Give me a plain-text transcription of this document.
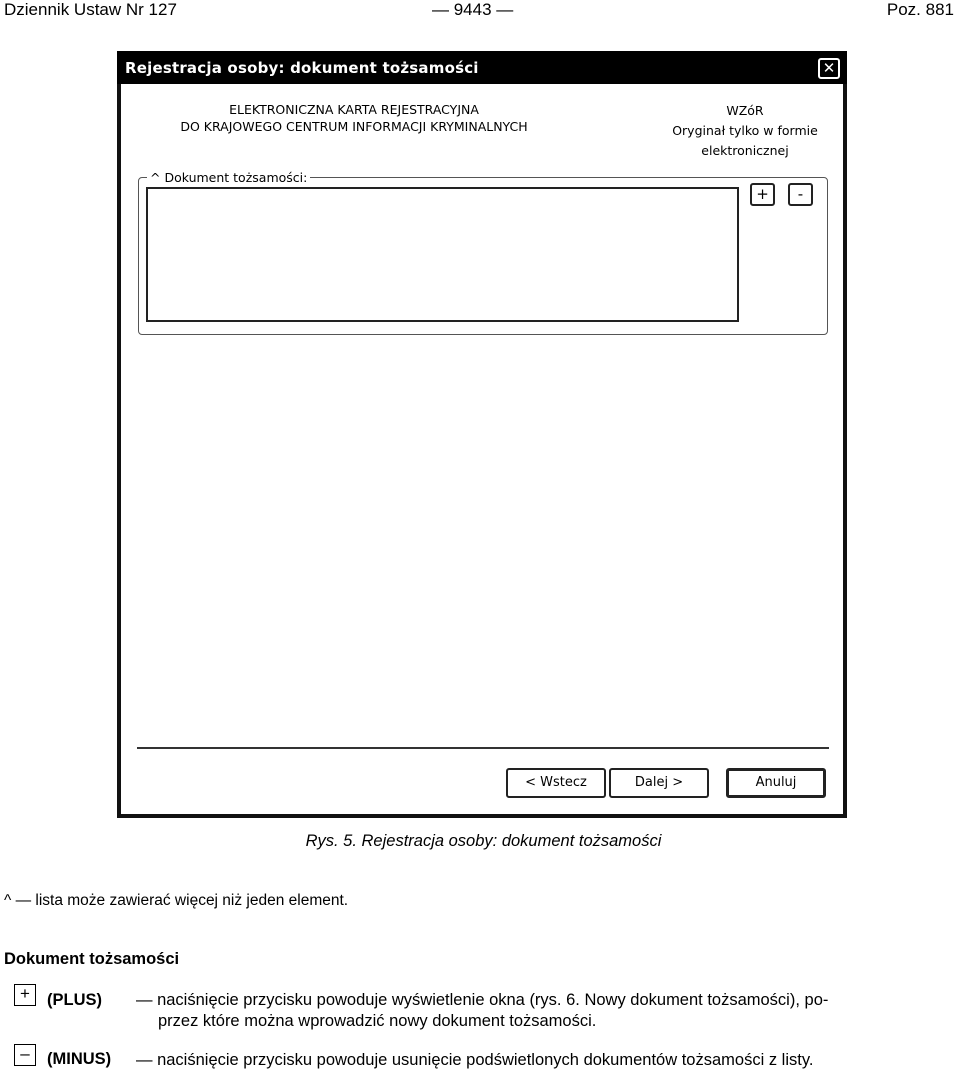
Dziennik Ustaw Nr 127	— 9443 —	Poz. 881
Rejestracja osoby: dokument tożsamości	✕
ELEKTRONICZNA KARTA REJESTRACYJNA
DO KRAJOWEGO CENTRUM INFORMACJI KRYMINALNYCH
WZóR
Oryginał tylko w formie
elektronicznej
^ Dokument tożsamości:
+	-
< Wstecz	Dalej >	Anuluj
Rys. 5. Rejestracja osoby: dokument tożsamości
^ — lista może zawierać więcej niż jeden element.
Dokument tożsamości
+	(PLUS) — naciśnięcie przycisku powoduje wyświetlenie okna (rys. 6. Nowy dokument tożsamości), po-
przez które można wprowadzić nowy dokument tożsamości.
–	(MINUS) — naciśnięcie przycisku powoduje usunięcie podświetlonych dokumentów tożsamości z listy.
